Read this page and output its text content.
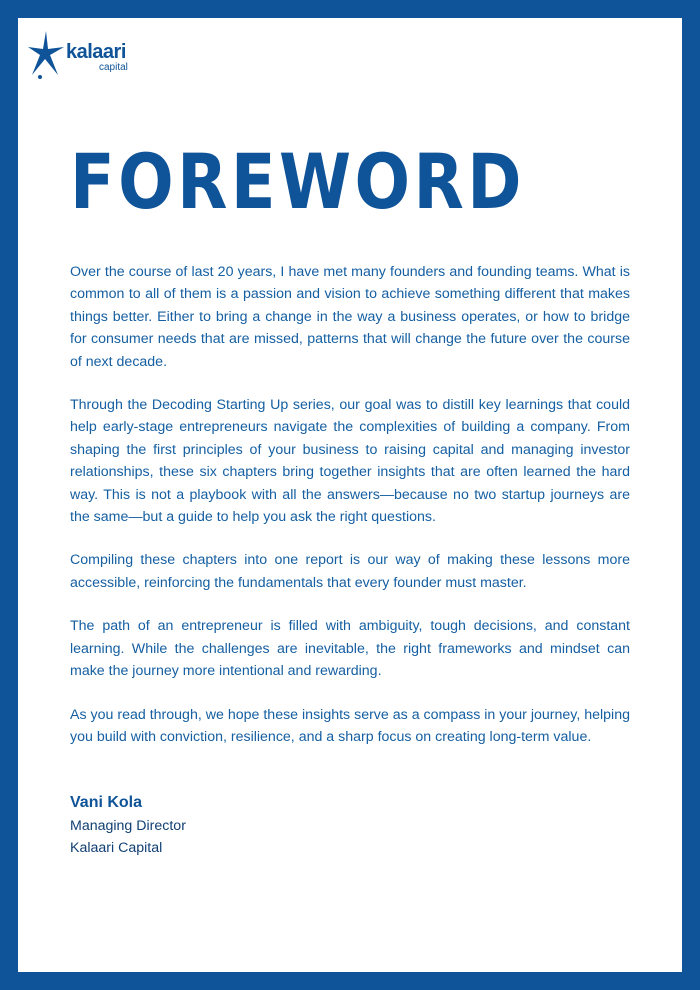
kalaari
capital
FOREWORD

Over the course of last 20 years, I have met many founders and founding teams. What is common to all of them is a passion and vision to achieve something different that makes things better. Either to bring a change in the way a business operates, or how to bridge for consumer needs that are missed, patterns that will change the future over the course of next decade.

Through the Decoding Starting Up series, our goal was to distill key learnings that could help early-stage entrepreneurs navigate the complexities of building a company. From shaping the first principles of your business to raising capital and managing investor relationships, these six chapters bring together insights that are often learned the hard way. This is not a playbook with all the answers—because no two startup journeys are the same—but a guide to help you ask the right questions.

Compiling these chapters into one report is our way of making these lessons more accessible, reinforcing the fundamentals that every founder must master.

The path of an entrepreneur is filled with ambiguity, tough decisions, and constant learning. While the challenges are inevitable, the right frameworks and mindset can make the journey more intentional and rewarding.

As you read through, we hope these insights serve as a compass in your journey, helping you build with conviction, resilience, and a sharp focus on creating long-term value.

Vani Kola
Managing Director
Kalaari Capital
